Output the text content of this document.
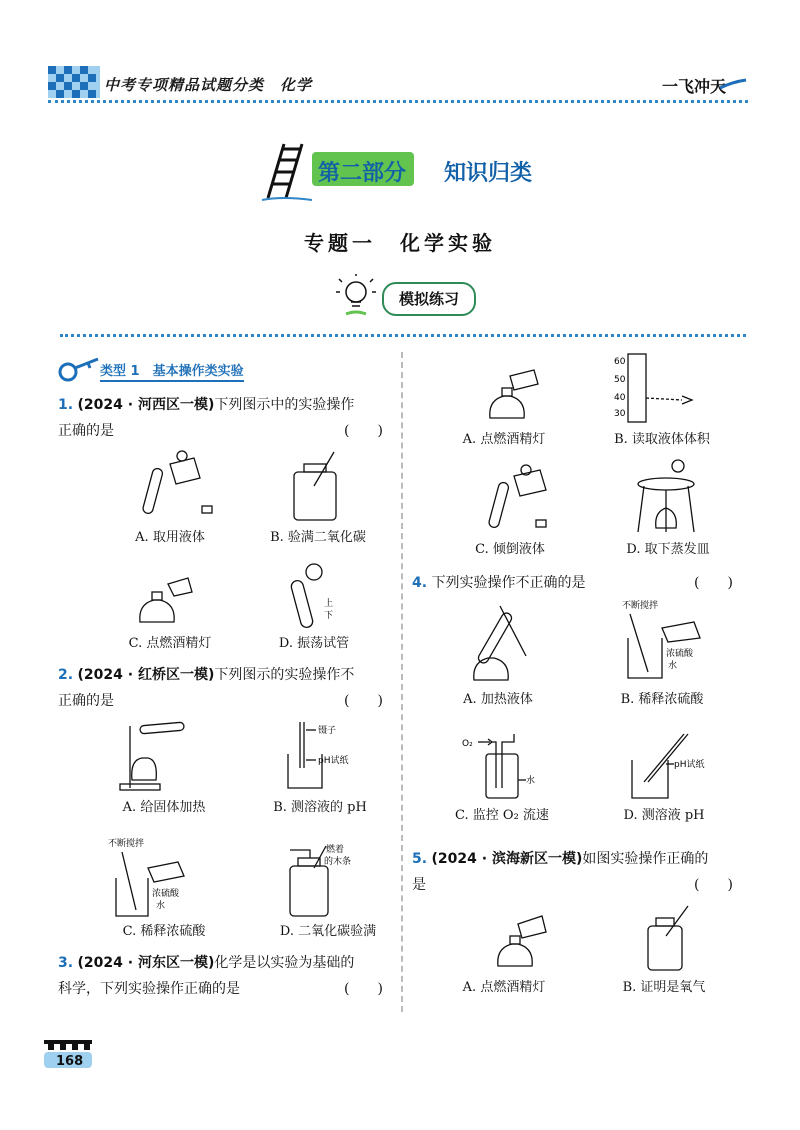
中考专项精品试题分类　化学	一飞冲天
第二部分 知识归类
专题一　化学实验
模拟练习
类型 1　基本操作类实验
1. (2024 · 河西区一模)下列图示中的实验操作
正确的是	(　　)
A. 取用液体	B. 验满二氧化碳
C. 点燃酒精灯
上
下
D. 振荡试管
2. (2024 · 红桥区一模)下列图示的实验操作不
正确的是	(　　)
A. 给固体加热
镊子
pH试纸
B. 测溶液的 pH
不断搅拌
浓硫酸
水
C. 稀释浓硫酸
燃着
的木条
D. 二氧化碳验满
3. (2024 · 河东区一模)化学是以实验为基础的
科学，下列实验操作正确的是	(　　)
168
A. 点燃酒精灯
60
50
40
30
B. 读取液体体积
C. 倾倒液体	D. 取下蒸发皿
4. 下列实验操作不正确的是	(　　)
A. 加热液体
不断搅拌
浓硫酸
水
B. 稀释浓硫酸
O₂
水
C. 监控 O₂ 流速
pH试纸
D. 测溶液 pH
5. (2024 · 滨海新区一模)如图实验操作正确的
是	(　　)
A. 点燃酒精灯	B. 证明是氧气
